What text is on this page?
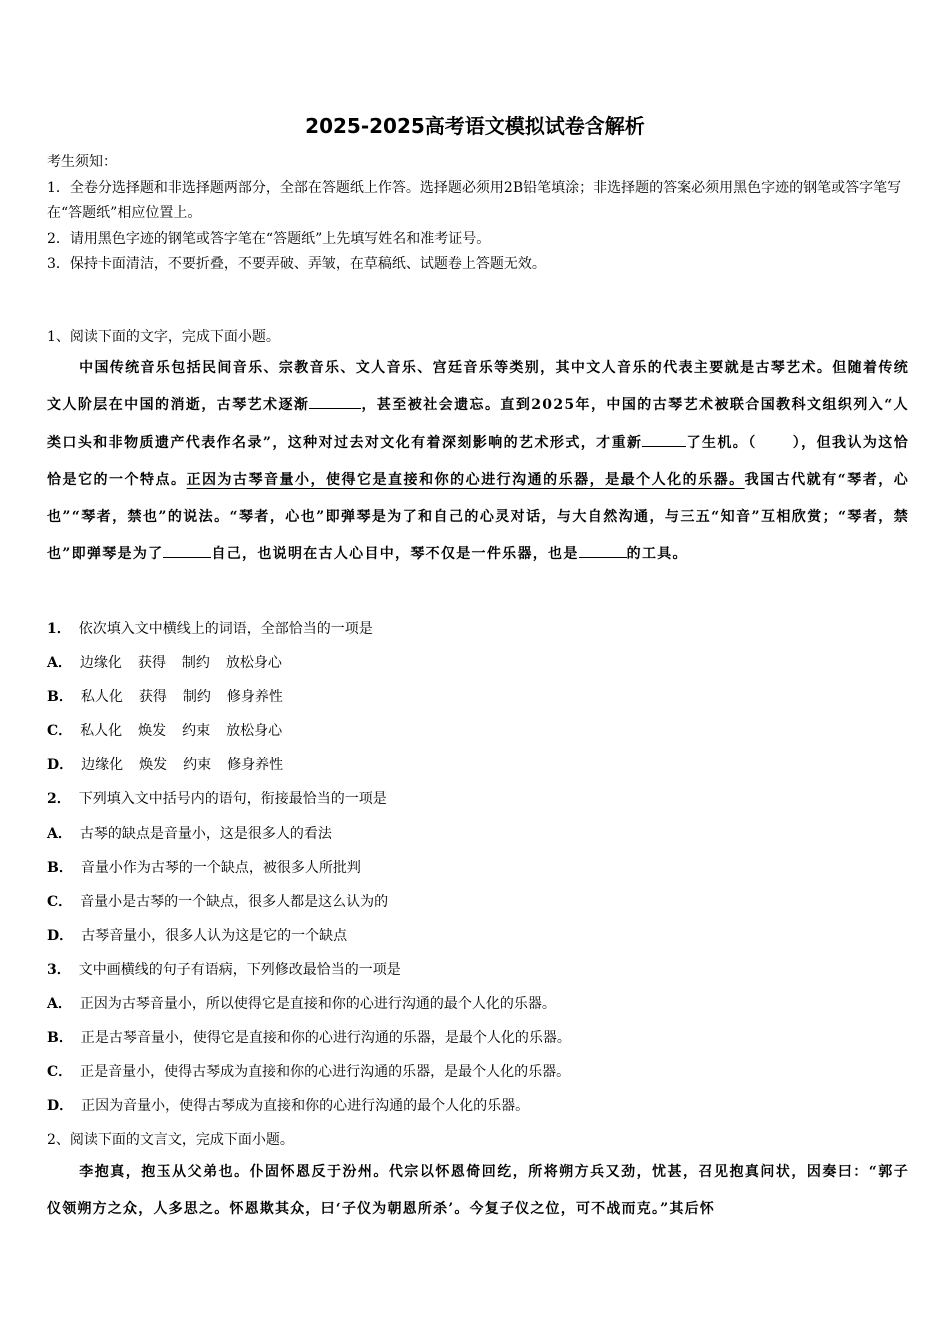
2025-2025高考语文模拟试卷含解析

考生须知：

1．全卷分选择题和非选择题两部分，全部在答题纸上作答。选择题必须用2B铅笔填涂；非选择题的答案必须用黑色字迹的钢笔或答字笔写在“答题纸”相应位置上。

2．请用黑色字迹的钢笔或答字笔在“答题纸”上先填写姓名和准考证号。

3．保持卡面清洁，不要折叠，不要弄破、弄皱，在草稿纸、试题卷上答题无效。

1、阅读下面的文字，完成下面小题。

中国传统音乐包括民间音乐、宗教音乐、文人音乐、宫廷音乐等类别，其中文人音乐的代表主要就是古琴艺术。但随着传统文人阶层在中国的消逝，古琴艺术逐渐	，甚至被社会遗忘。直到2025年，中国的古琴艺术被联合国教科文组织列入“人类口头和非物质遗产代表作名录”，这种对过去对文化有着深刻影响的艺术形式，才重新	了生机。（	），但我认为这恰恰是它的一个特点。正因为古琴音量小，使得它是直接和你的心进行沟通的乐器，是最个人化的乐器。我国古代就有“琴者，心也”“琴者，禁也”的说法。“琴者，心也”即弹琴是为了和自己的心灵对话，与大自然沟通，与三五“知音”互相欣赏；“琴者，禁也”即弹琴是为了	自己，也说明在古人心目中，琴不仅是一件乐器，也是	的工具。

1． 依次填入文中横线上的词语，全部恰当的一项是
A． 边缘化 获得 制约 放松身心
B． 私人化 获得 制约 修身养性
C． 私人化 焕发 约束 放松身心
D． 边缘化 焕发 约束 修身养性
2． 下列填入文中括号内的语句，衔接最恰当的一项是
A． 古琴的缺点是音量小，这是很多人的看法
B． 音量小作为古琴的一个缺点，被很多人所批判
C． 音量小是古琴的一个缺点，很多人都是这么认为的
D． 古琴音量小，很多人认为这是它的一个缺点
3． 文中画横线的句子有语病，下列修改最恰当的一项是
A． 正因为古琴音量小，所以使得它是直接和你的心进行沟通的最个人化的乐器。
B． 正是古琴音量小，使得它是直接和你的心进行沟通的乐器，是最个人化的乐器。
C． 正是音量小，使得古琴成为直接和你的心进行沟通的乐器，是最个人化的乐器。
D． 正因为音量小，使得古琴成为直接和你的心进行沟通的最个人化的乐器。
2、阅读下面的文言文，完成下面小题。

李抱真，抱玉从父弟也。仆固怀恩反于汾州。代宗以怀恩倚回纥，所将朔方兵又劲，忧甚，召见抱真问状，因奏曰：“郭子仪领朔方之众，人多思之。怀恩欺其众，曰‘子仪为朝恩所杀’。今复子仪之位，可不战而克。”其后怀
